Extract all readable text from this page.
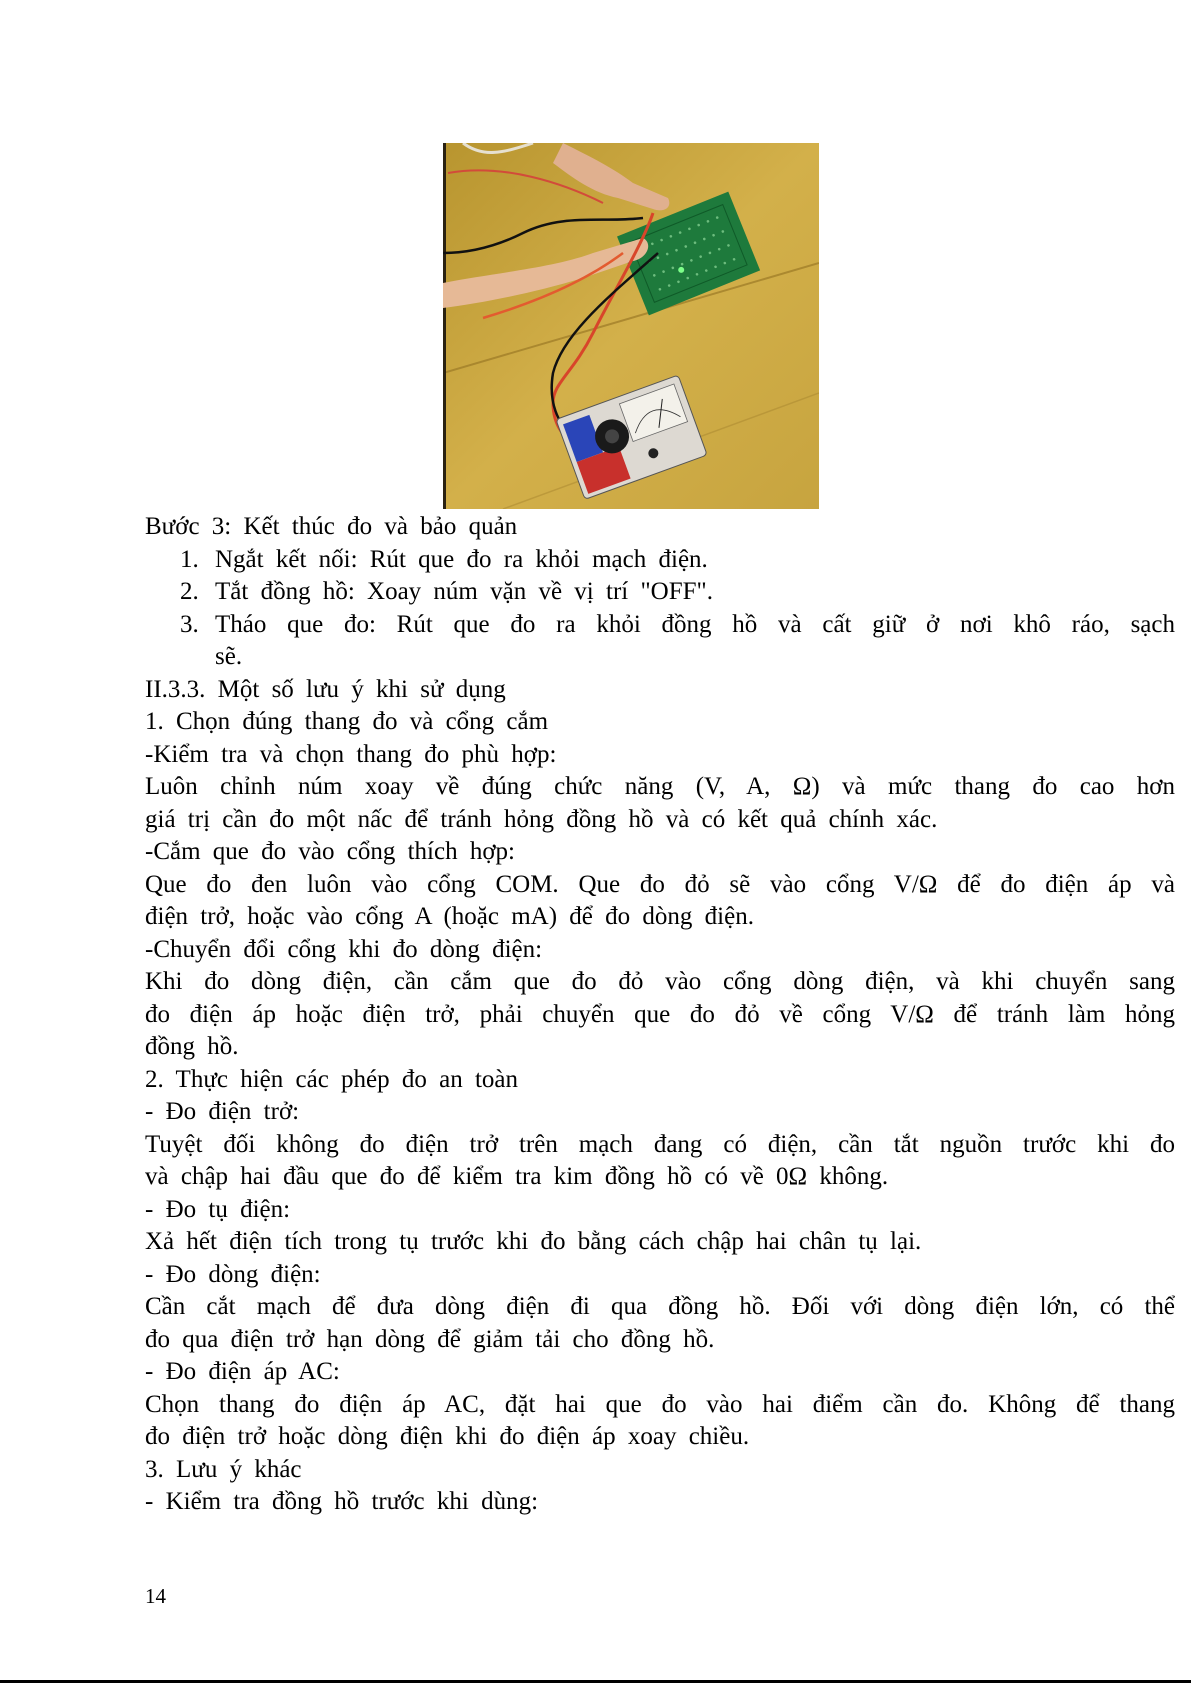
Bước 3: Kết thúc đo và bảo quản

1. Ngắt kết nối: Rút que đo ra khỏi mạch điện.
2. Tắt đồng hồ: Xoay núm vặn về vị trí "OFF".
3. Tháo que đo: Rút que đo ra khỏi đồng hồ và cất giữ ở nơi khô ráo, sạch
sẽ.

II.3.3. Một số lưu ý khi sử dụng

1. Chọn đúng thang đo và cổng cắm

-Kiểm tra và chọn thang đo phù hợp:

Luôn chỉnh núm xoay về đúng chức năng (V, A, Ω) và mức thang đo cao hơn

giá trị cần đo một nấc để tránh hỏng đồng hồ và có kết quả chính xác.

-Cắm que đo vào cổng thích hợp:

Que đo đen luôn vào cổng COM. Que đo đỏ sẽ vào cổng V/Ω để đo điện áp và

điện trở, hoặc vào cổng A (hoặc mA) để đo dòng điện.

-Chuyển đổi cổng khi đo dòng điện:

Khi đo dòng điện, cần cắm que đo đỏ vào cổng dòng điện, và khi chuyển sang

đo điện áp hoặc điện trở, phải chuyển que đo đỏ về cổng V/Ω để tránh làm hỏng

đồng hồ.

2. Thực hiện các phép đo an toàn

- Đo điện trở:

Tuyệt đối không đo điện trở trên mạch đang có điện, cần tắt nguồn trước khi đo

và chập hai đầu que đo để kiểm tra kim đồng hồ có về 0Ω không.

- Đo tụ điện:

Xả hết điện tích trong tụ trước khi đo bằng cách chập hai chân tụ lại.

- Đo dòng điện:

Cần cắt mạch để đưa dòng điện đi qua đồng hồ. Đối với dòng điện lớn, có thể

đo qua điện trở hạn dòng để giảm tải cho đồng hồ.

- Đo điện áp AC:

Chọn thang đo điện áp AC, đặt hai que đo vào hai điểm cần đo. Không để thang

đo điện trở hoặc dòng điện khi đo điện áp xoay chiều.

3. Lưu ý khác

- Kiểm tra đồng hồ trước khi dùng:

14
